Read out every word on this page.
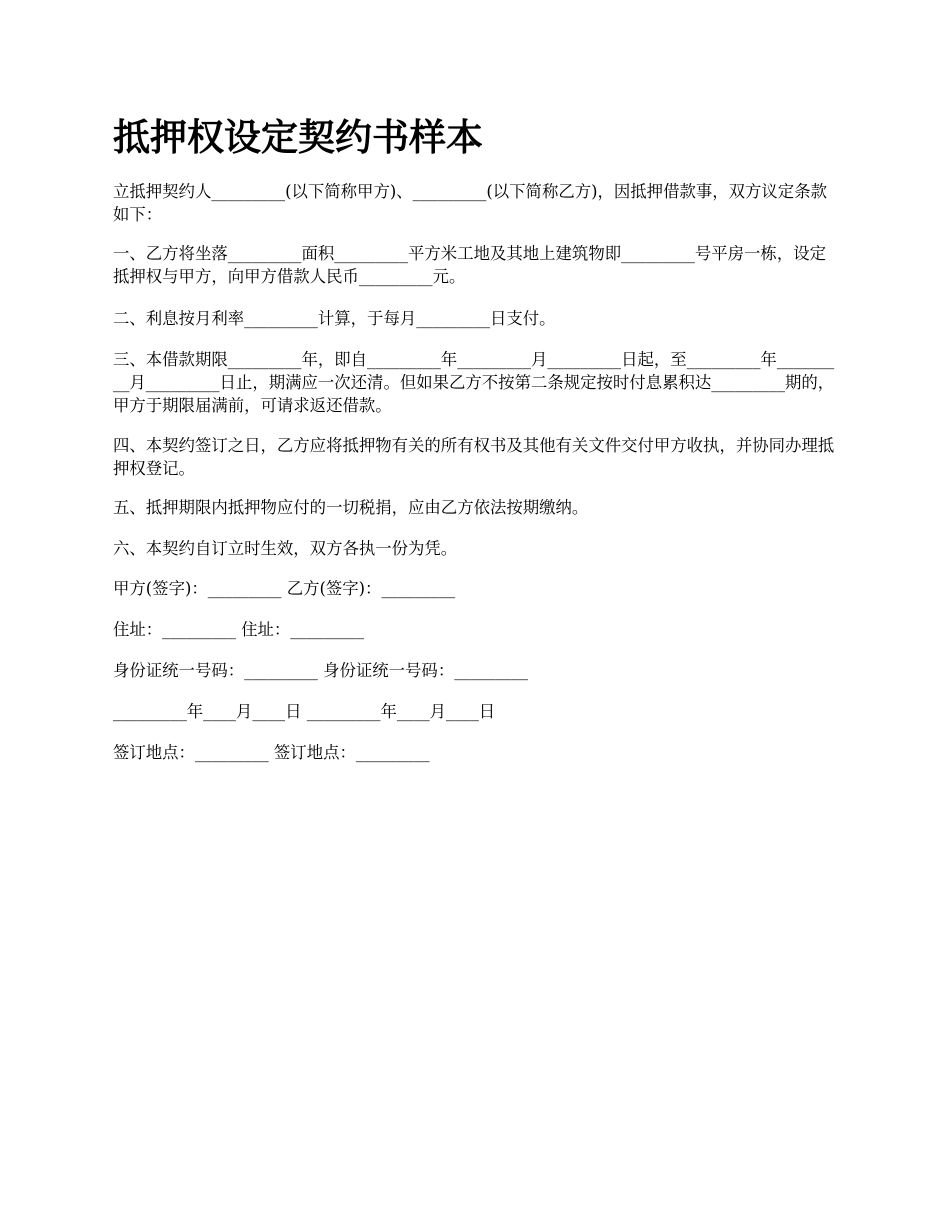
抵押权设定契约书样本

立抵押契约人_________(以下简称甲方)、_________(以下简称乙方)，因抵押借款事，双方议定条款如下：

一、乙方将坐落_________面积_________平方米工地及其地上建筑物即_________号平房一栋，设定抵押权与甲方，向甲方借款人民币_________元。

二、利息按月利率_________计算，于每月_________日支付。

三、本借款期限_________年，即自_________年_________月_________日起，至_________年_________月_________日止，期满应一次还清。但如果乙方不按第二条规定按时付息累积达_________期的，甲方于期限届满前，可请求返还借款。

四、本契约签订之日，乙方应将抵押物有关的所有权书及其他有关文件交付甲方收执，并协同办理抵押权登记。

五、抵押期限内抵押物应付的一切税捐，应由乙方依法按期缴纳。

六、本契约自订立时生效，双方各执一份为凭。

甲方(签字)：_________ 乙方(签字)：_________

住址：_________ 住址：_________

身份证统一号码：_________ 身份证统一号码：_________

_________年____月____日 _________年____月____日

签订地点：_________ 签订地点：_________
